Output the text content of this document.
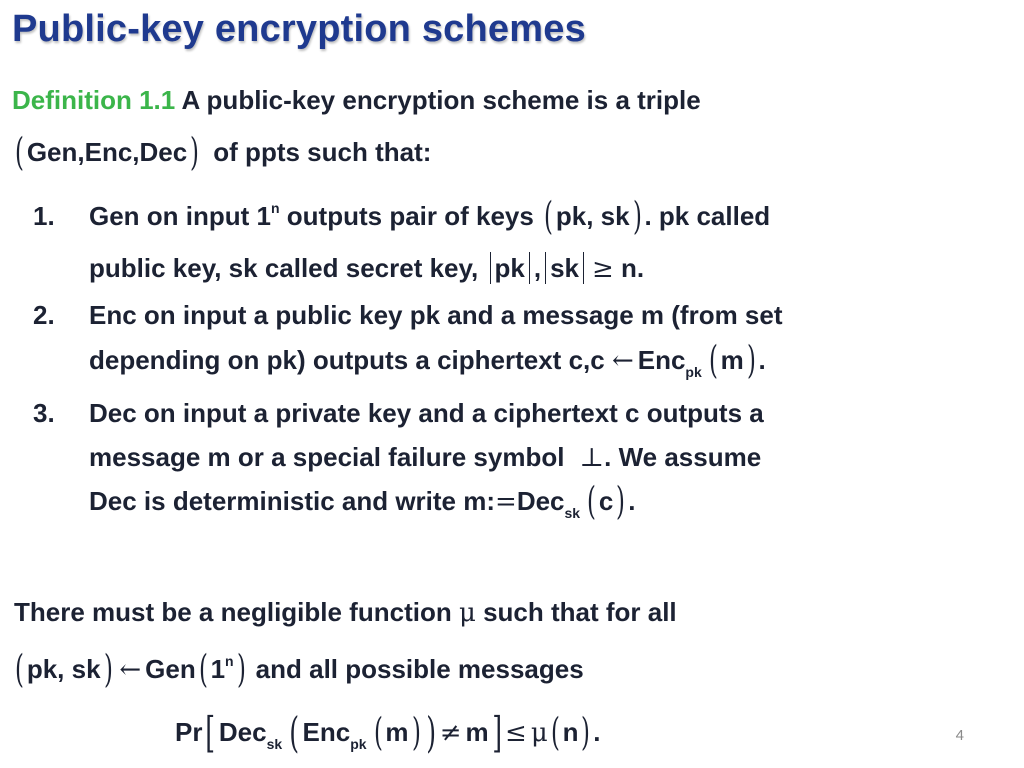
Public-key encryption schemes
Definition 1.1 A public-key encryption scheme is a triple
( Gen,Enc,Dec) of ppts such that:
1. Gen on input 1$^n$ outputs pair of keys ( pk, sk) . pk called
public key, sk called secret key, pk , sk ≥ n.
2. Enc on input a public key pk and a message m (from set
depending on pk) outputs a ciphertext c,c ← Enc$_{pk}$ ( m) .
3. Dec on input a private key and a ciphertext c outputs a
message m or a special failure symbol ⊥. We assume
Dec is deterministic and write m:=Dec$_{sk}$ ( c) .
There must be a negligible function μ such that for all
( pk, sk) ← Gen( 1$^n$) and all possible messages
Pr[ Dec$_{sk}$ ( Enc$_{pk}$ ( m) ) ≠ m] ≤ μ( n) .	4
